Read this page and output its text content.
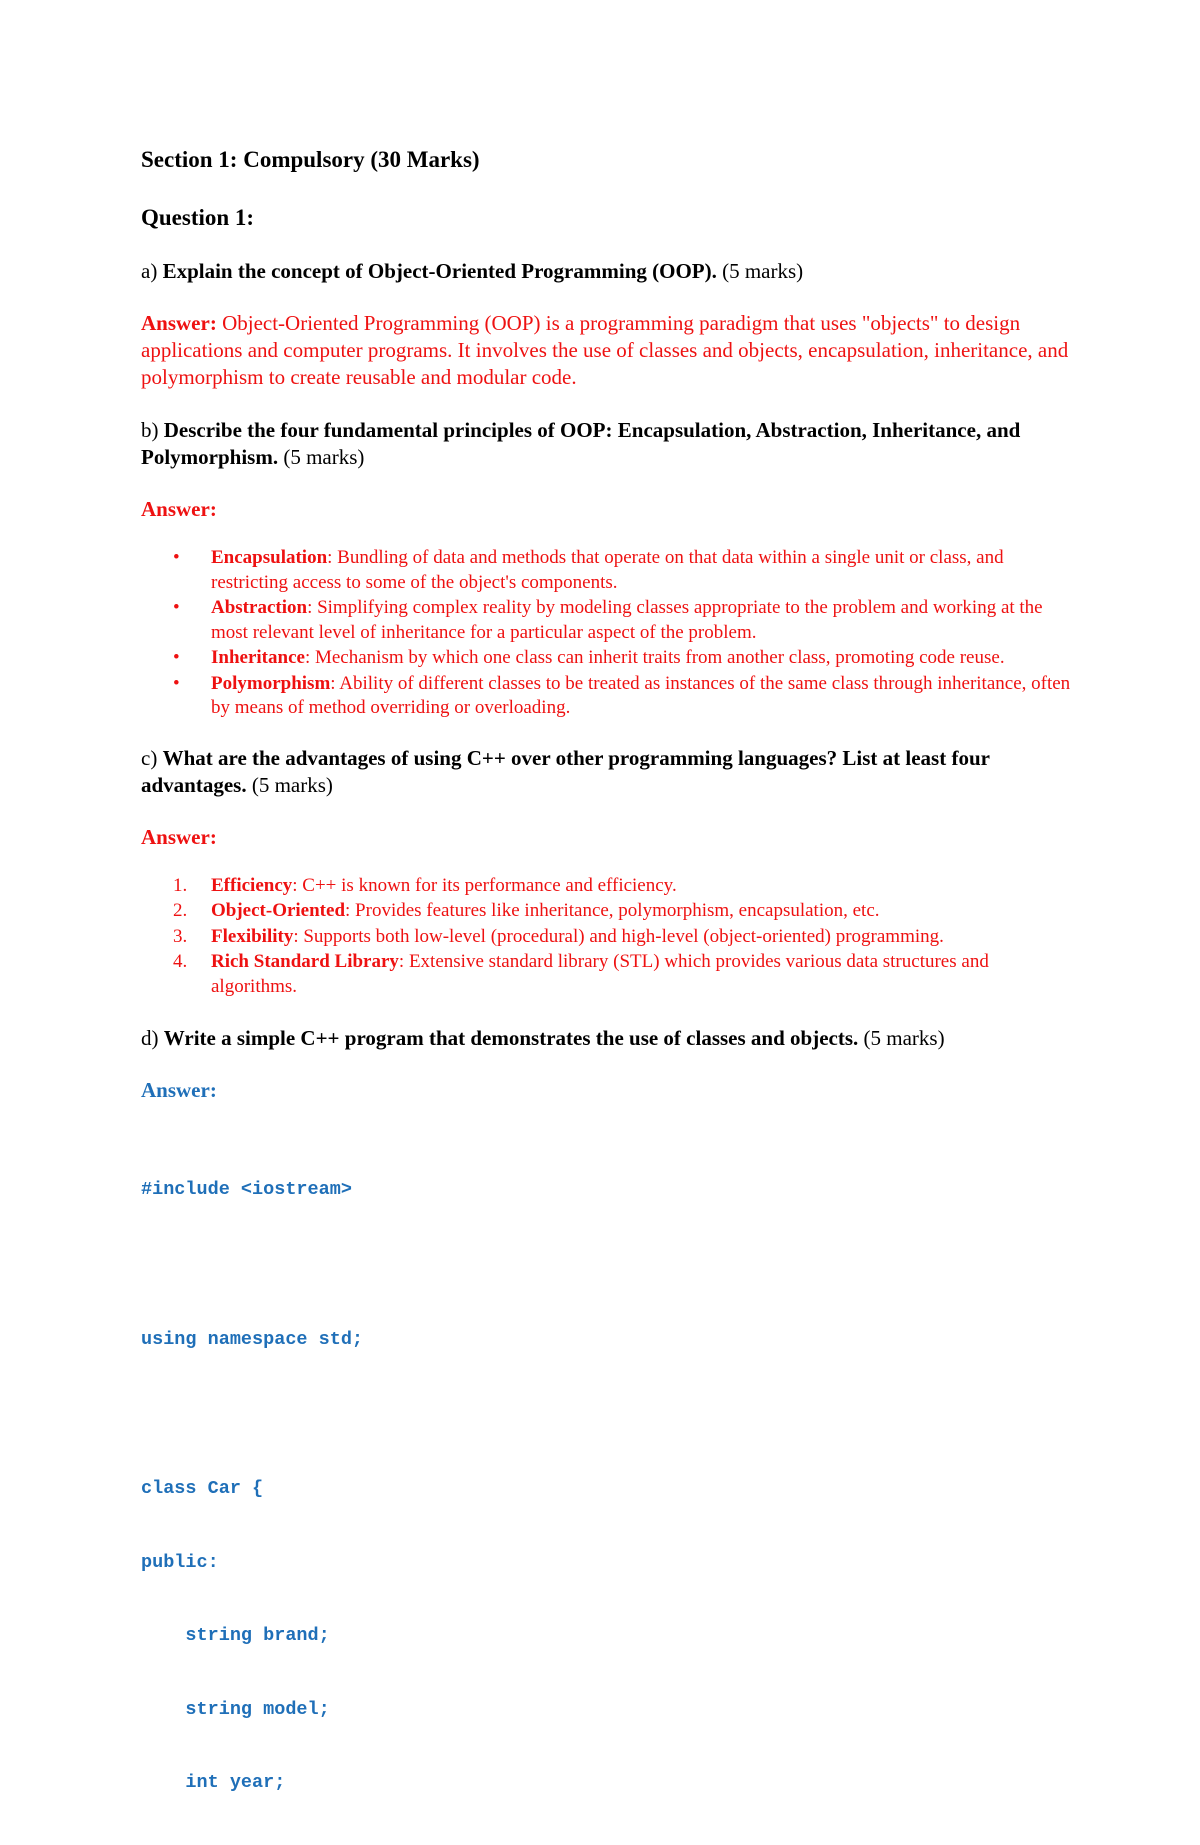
Section 1: Compulsory (30 Marks)
Question 1:
a) Explain the concept of Object-Oriented Programming (OOP). (5 marks)
Answer: Object-Oriented Programming (OOP) is a programming paradigm that uses "objects" to design applications and computer programs. It involves the use of classes and objects, encapsulation, inheritance, and polymorphism to create reusable and modular code.
b) Describe the four fundamental principles of OOP: Encapsulation, Abstraction, Inheritance, and Polymorphism. (5 marks)
Answer:
• Encapsulation: Bundling of data and methods that operate on that data within a single unit or class, and restricting access to some of the object's components.
• Abstraction: Simplifying complex reality by modeling classes appropriate to the problem and working at the most relevant level of inheritance for a particular aspect of the problem.
• Inheritance: Mechanism by which one class can inherit traits from another class, promoting code reuse.
• Polymorphism: Ability of different classes to be treated as instances of the same class through inheritance, often by means of method overriding or overloading.
c) What are the advantages of using C++ over other programming languages? List at least four advantages. (5 marks)
Answer:
1. Efficiency: C++ is known for its performance and efficiency.
2. Object-Oriented: Provides features like inheritance, polymorphism, encapsulation, etc.
3. Flexibility: Supports both low-level (procedural) and high-level (object-oriented) programming.
4. Rich Standard Library: Extensive standard library (STL) which provides various data structures and algorithms.
d) Write a simple C++ program that demonstrates the use of classes and objects. (5 marks)
Answer:

#include <iostream>

using namespace std;

class Car {

public:

string brand;

string model;

int year;
